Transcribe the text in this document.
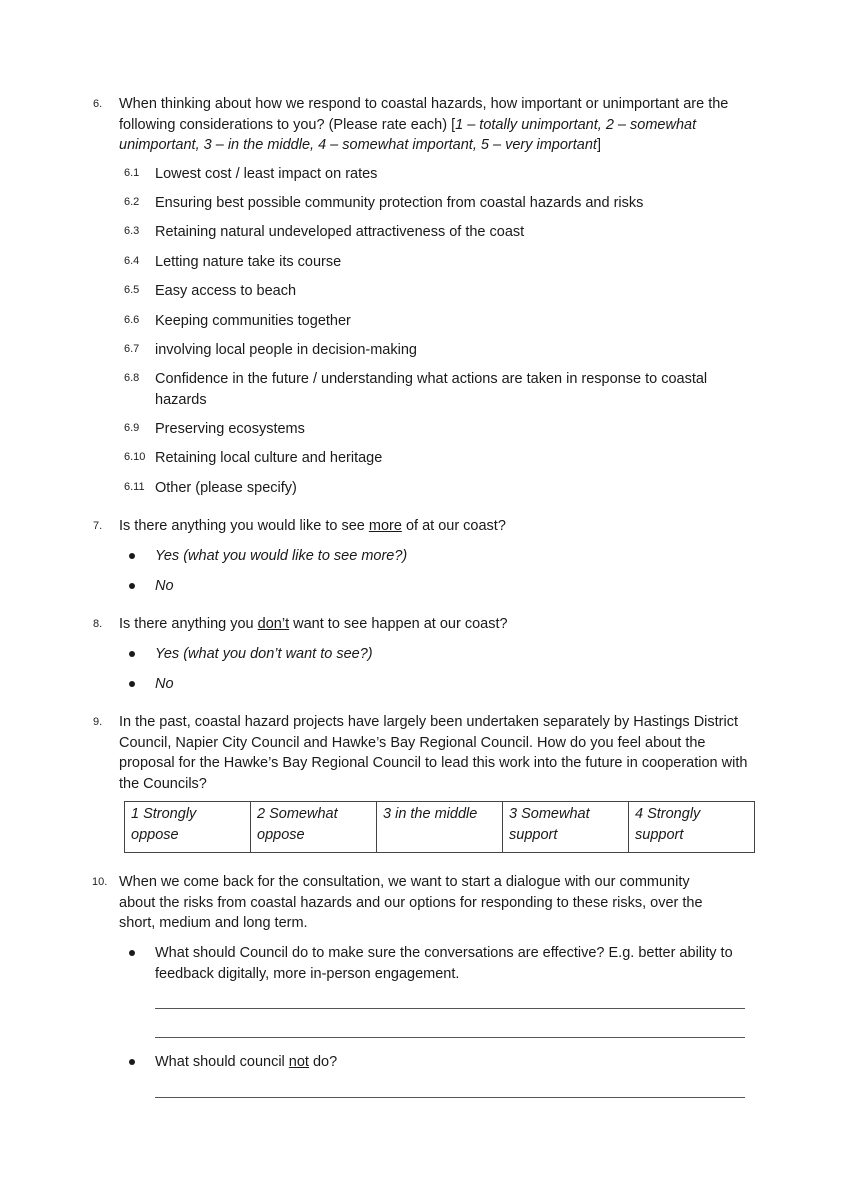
6. When thinking about how we respond to coastal hazards, how important or unimportant are the following considerations to you? (Please rate each) [1 – totally unimportant, 2 – somewhat unimportant, 3 – in the middle, 4 – somewhat important, 5 – very important]
6.1 Lowest cost / least impact on rates
6.2 Ensuring best possible community protection from coastal hazards and risks
6.3 Retaining natural undeveloped attractiveness of the coast
6.4 Letting nature take its course
6.5 Easy access to beach
6.6 Keeping communities together
6.7 involving local people in decision-making
6.8 Confidence in the future / understanding what actions are taken in response to coastal hazards
6.9 Preserving ecosystems
6.10 Retaining local culture and heritage
6.11 Other (please specify)
7. Is there anything you would like to see more of at our coast?
Yes (what you would like to see more?)
No
8. Is there anything you don’t want to see happen at our coast?
Yes (what you don’t want to see?)
No
9. In the past, coastal hazard projects have largely been undertaken separately by Hastings District Council, Napier City Council and Hawke’s Bay Regional Council. How do you feel about the proposal for the Hawke’s Bay Regional Council to lead this work into the future in cooperation with the Councils?
1 Strongly oppose	2 Somewhat oppose	3 in the middle	3 Somewhat support	4 Strongly support
10. When we come back for the consultation, we want to start a dialogue with our community about the risks from coastal hazards and our options for responding to these risks, over the short, medium and long term.
What should Council do to make sure the conversations are effective? E.g. better ability to feedback digitally, more in-person engagement.
What should council not do?
